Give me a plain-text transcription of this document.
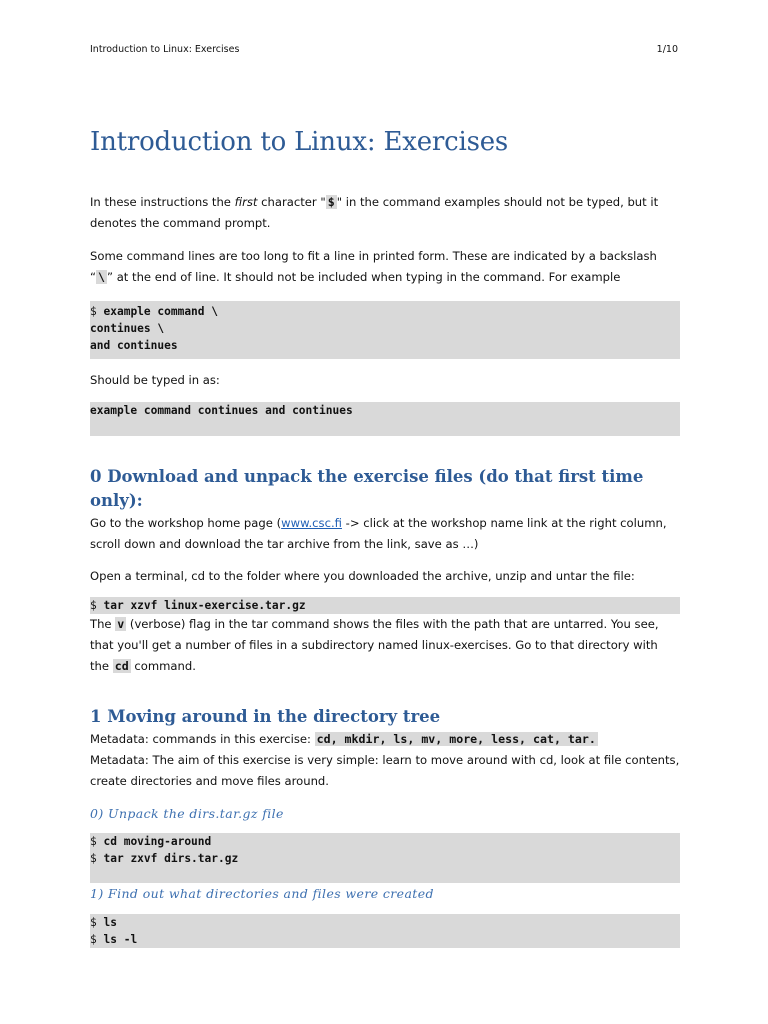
Introduction to Linux: Exercises	1/10
Introduction to Linux: Exercises

In these instructions the first character " $ " in the command examples should not be typed, but it denotes the command prompt.

Some command lines are too long to fit a line in printed form. These are indicated by a backslash “ \ ” at the end of line. It should not be included when typing in the command. For example

$ example command \
continues \
and continues

Should be typed in as:

example command continues and continues
0 Download and unpack the exercise files (do that first time only):

Go to the workshop home page (www.csc.fi -> click at the workshop name link at the right column, scroll down and download the tar archive from the link, save as …)

Open a terminal, cd to the folder where you downloaded the archive, unzip and untar the file:

$ tar xzvf linux-exercise.tar.gz

The v (verbose) flag in the tar command shows the files with the path that are untarred. You see, that you'll get a number of files in a subdirectory named linux-exercises. Go to that directory with the cd command.

1 Moving around in the directory tree

Metadata: commands in this exercise: cd, mkdir, ls, mv, more, less, cat, tar.

Metadata: The aim of this exercise is very simple: learn to move around with cd, look at file contents, create directories and move files around.

0) Unpack the dirs.tar.gz file
$ cd moving-around
$ tar zxvf dirs.tar.gz
1) Find out what directories and files were created
$ ls
$ ls -l
